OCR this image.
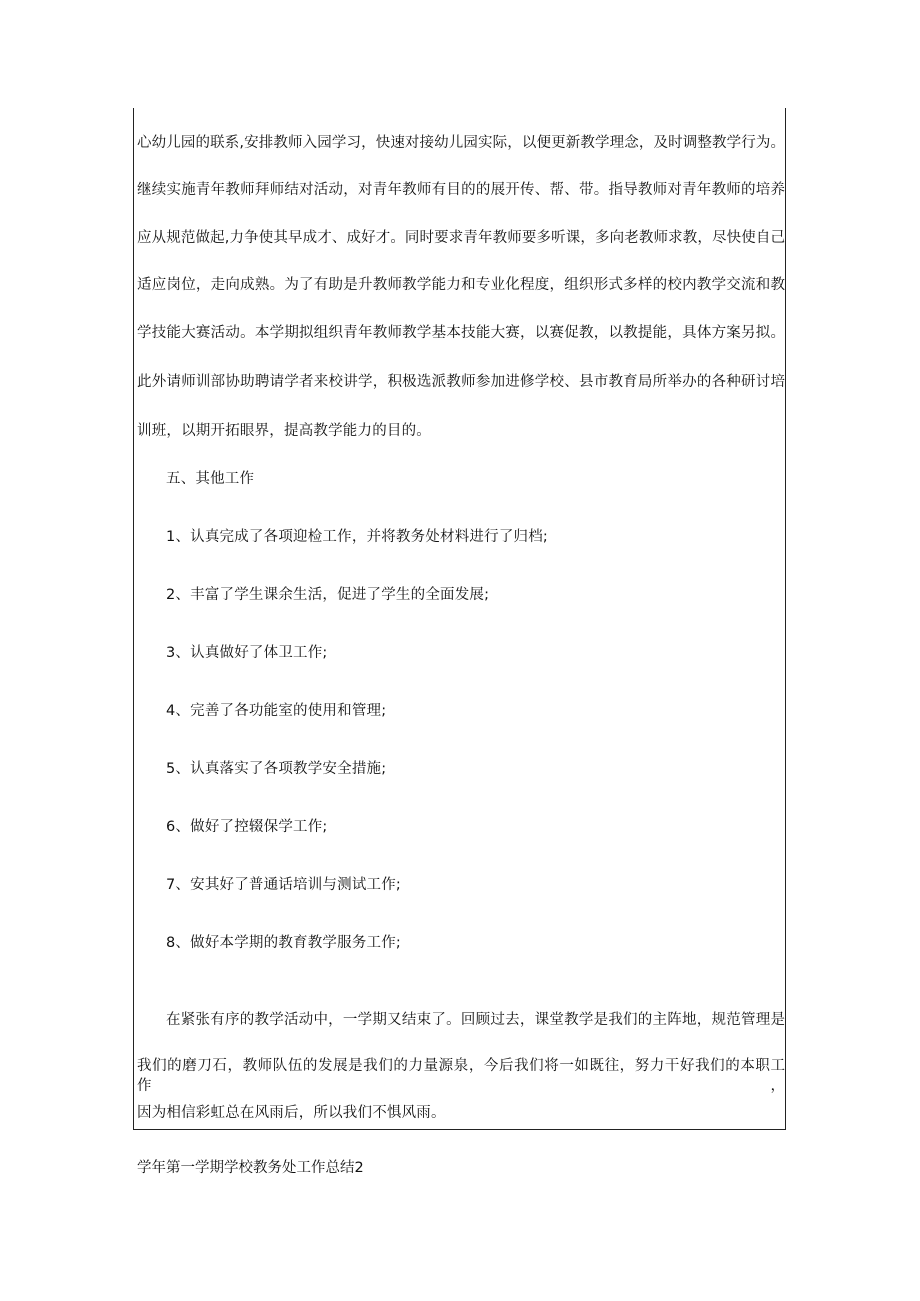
心幼儿园的联系,安排教师入园学习，快速对接幼儿园实际，以便更新教学理念，及时调整教学行为。
继续实施青年教师拜师结对活动，对青年教师有目的的展开传、帮、带。指导教师对青年教师的培养
应从规范做起,力争使其早成才、成好才。同时要求青年教师要多听课，多向老教师求教，尽快使自己
适应岗位，走向成熟。为了有助是升教师教学能力和专业化程度，组织形式多样的校内教学交流和教
学技能大赛活动。本学期拟组织青年教师教学基本技能大赛，以赛促教，以教提能，具体方案另拟。
此外请师训部协助聘请学者来校讲学，积极选派教师参加进修学校、县市教育局所举办的各种研讨培
训班，以期开拓眼界，提高教学能力的目的。
五、其他工作
1、认真完成了各项迎检工作，并将教务处材料进行了归档;
2、丰富了学生课余生活，促进了学生的全面发展;
3、认真做好了体卫工作;
4、完善了各功能室的使用和管理;
5、认真落实了各项教学安全措施;
6、做好了控辍保学工作;
7、安其好了普通话培训与测试工作;
8、做好本学期的教育教学服务工作;
在紧张有序的教学活动中，一学期又结束了。回顾过去，课堂教学是我们的主阵地，规范管理是
我们的磨刀石，教师队伍的发展是我们的力量源泉，今后我们将一如既往，努力干好我们的本职工作，
因为相信彩虹总在风雨后，所以我们不惧风雨。
学年第一学期学校教务处工作总结2
